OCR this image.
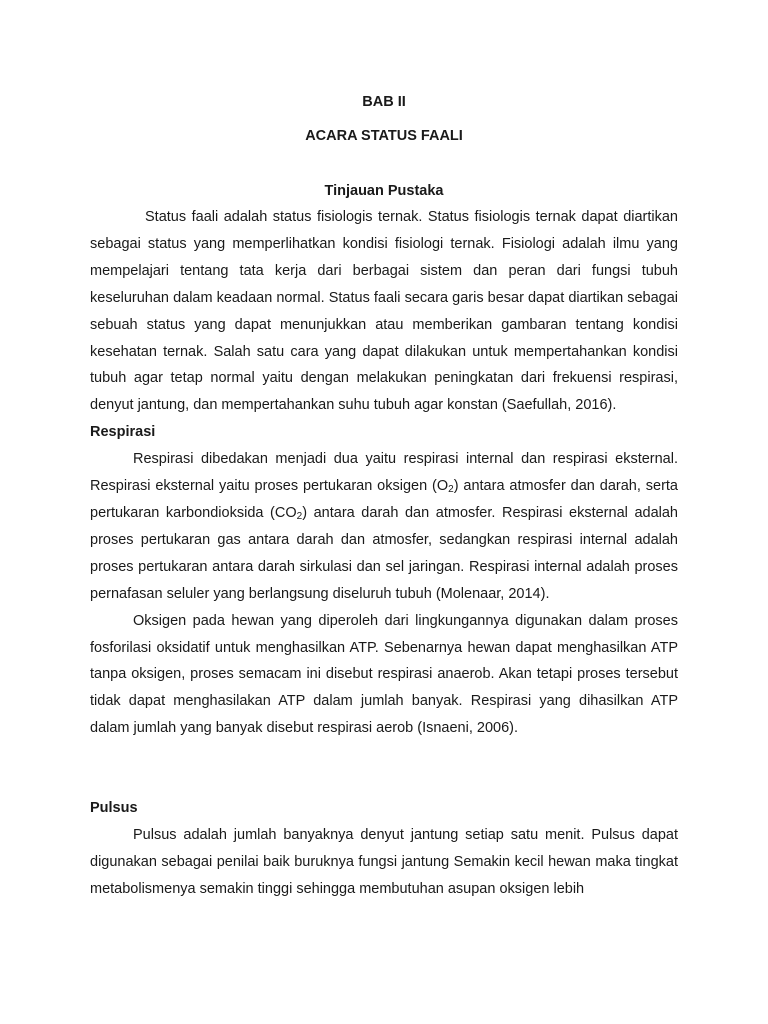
BAB II
ACARA STATUS FAALI
Tinjauan Pustaka

Status faali adalah status fisiologis ternak. Status fisiologis ternak dapat diartikan sebagai status yang memperlihatkan kondisi fisiologi ternak. Fisiologi adalah ilmu yang mempelajari tentang tata kerja dari berbagai sistem dan peran dari fungsi tubuh keseluruhan dalam keadaan normal. Status faali secara garis besar dapat diartikan sebagai sebuah status yang dapat menunjukkan atau memberikan gambaran tentang kondisi kesehatan ternak. Salah satu cara yang dapat dilakukan untuk mempertahankan kondisi tubuh agar tetap normal yaitu dengan melakukan peningkatan dari frekuensi respirasi, denyut jantung, dan mempertahankan suhu tubuh agar konstan (Saefullah, 2016).

Respirasi

Respirasi dibedakan menjadi dua yaitu respirasi internal dan respirasi eksternal. Respirasi eksternal yaitu proses pertukaran oksigen $(O_2)$ antara atmosfer dan darah, serta pertukaran karbondioksida $(CO_2)$ antara darah dan atmosfer. Respirasi eksternal adalah proses pertukaran gas antara darah dan atmosfer, sedangkan respirasi internal adalah proses pertukaran antara darah sirkulasi dan sel jaringan. Respirasi internal adalah proses pernafasan seluler yang berlangsung diseluruh tubuh (Molenaar, 2014).

Oksigen pada hewan yang diperoleh dari lingkungannya digunakan dalam proses fosforilasi oksidatif untuk menghasilkan ATP. Sebenarnya hewan dapat menghasilkan ATP tanpa oksigen, proses semacam ini disebut respirasi anaerob. Akan tetapi proses tersebut tidak dapat menghasilakan ATP dalam jumlah banyak. Respirasi yang dihasilkan ATP dalam jumlah yang banyak disebut respirasi aerob (Isnaeni, 2006).

Pulsus

Pulsus adalah jumlah banyaknya denyut jantung setiap satu menit. Pulsus dapat digunakan sebagai penilai baik buruknya fungsi jantung Semakin kecil hewan maka tingkat metabolismenya semakin tinggi sehingga membutuhan asupan oksigen lebih
